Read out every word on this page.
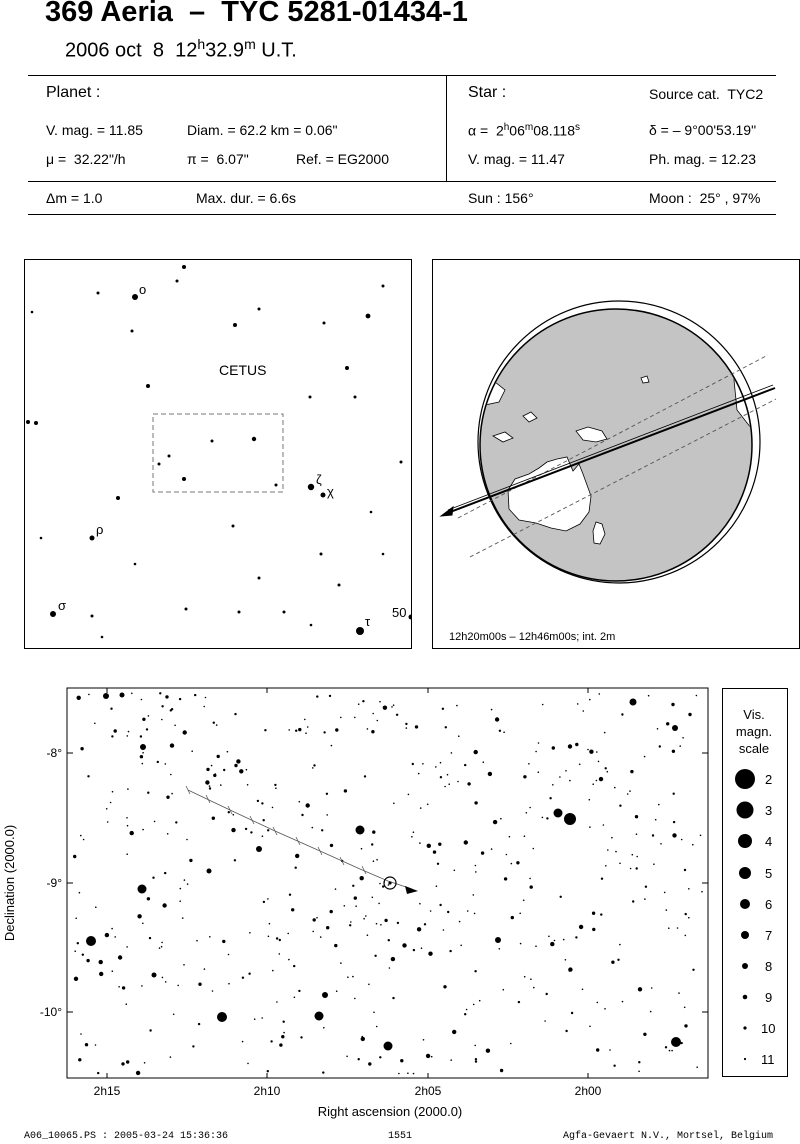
369 Aeria  –  TYC 5281-01434-1
2006 oct  8  12$^h$32.9$^m$ U.T.
Planet :
V. mag. = 11.85	Diam. = 62.2 km = 0.06"
μ =  32.22"/h	π =  6.07"	Ref. = EG2000
Δm = 1.0	Max. dur. = 6.6s
Star :	Source cat.  TYC2
α =  2$^h$06$^m$08.118$^s$	δ = – 9°00'53.19"
V. mag. = 11.47	Ph. mag. = 12.23
Sun : 156°	Moon :  25° , 97%
CETUS
o
ζ
χ
ρ
σ
τ
50
12h20m00s – 12h46m00s; int. 2m
-8°
-9°
-10°
2h15	2h10	2h05	2h00
Right ascension (2000.0)
Declination (2000.0)
Vis.
magn.
scale
2
3
4
5
6
7
8
9
10
11
A06_10065.PS : 2005-03-24 15:36:36	1551	Agfa-Gevaert N.V., Mortsel, Belgium
